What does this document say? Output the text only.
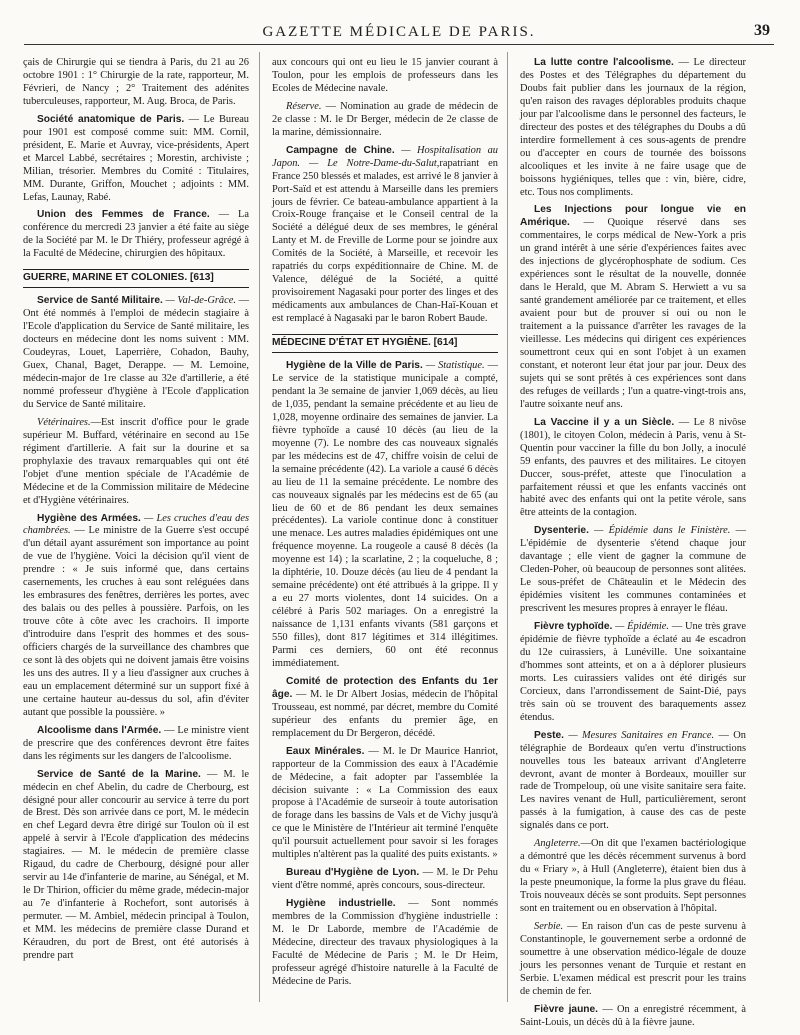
GAZETTE MÉDICALE DE PARIS.	39

çais de Chirurgie qui se tiendra à Paris, du 21 au 26 octobre 1901 : 1° Chirurgie de la rate, rapporteur, M. Févrieri, de Nancy ; 2° Traitement des adénites tuberculeuses, rapporteur, M. Aug. Broca, de Paris.

Société anatomique de Paris. — Le Bureau pour 1901 est composé comme suit: MM. Cornil, président, E. Marie et Auvray, vice-présidents, Apert et Marcel Labbé, secrétaires ; Morestin, archiviste ; Milian, trésorier. Membres du Comité : Titulaires, MM. Durante, Griffon, Mouchet ; adjoints : MM. Lefas, Launay, Rabé.

Union des Femmes de France. — La conférence du mercredi 23 janvier a été faite au siège de la Société par M. le Dr Thiéry, professeur agrégé à la Faculté de Médecine, chirurgien des hôpitaux.

GUERRE, MARINE ET COLONIES. [613]

Service de Santé Militaire. — Val-de-Grâce. — Ont été nommés à l'emploi de médecin stagiaire à l'Ecole d'application du Service de Santé militaire, les docteurs en médecine dont les noms suivent : MM. Coudeyras, Louet, Laperrière, Cohadon, Bauhy, Guex, Chanal, Baget, Derappe. — M. Lemoine, médecin-major de 1re classe au 32e d'artillerie, a été nommé professeur d'hygiène à l'Ecole d'application du Service de Santé militaire.

Vétérinaires.—Est inscrit d'office pour le grade supérieur M. Buffard, vétérinaire en second au 15e régiment d'artillerie. A fait sur la dourine et sa prophylaxie des travaux remarquables qui ont été l'objet d'une mention spéciale de l'Académie de Médecine et de la Commission militaire de Médecine et d'Hygiène vétérinaires.

Hygiène des Armées. — Les cruches d'eau des chambrées. — Le ministre de la Guerre s'est occupé d'un détail ayant assurément son importance au point de vue de l'hygiène. Voici la décision qu'il vient de prendre : « Je suis informé que, dans certains casernements, les cruches à eau sont reléguées dans les embrasures des fenêtres, derrières les portes, avec des balais ou des pelles à poussière. Parfois, on les trouve côte à côte avec les crachoirs. Il importe d'introduire dans l'esprit des hommes et des sous-officiers chargés de la surveillance des chambres que ce sont là des objets qui ne doivent jamais être voisins les uns des autres. Il y a lieu d'assigner aux cruches à eau un emplacement déterminé sur un support fixé à une certaine hauteur au-dessus du sol, afin d'éviter autant que possible la poussière. »

Alcoolisme dans l'Armée. — Le ministre vient de prescrire que des conférences devront être faites dans les régiments sur les dangers de l'alcoolisme.

Service de Santé de la Marine. — M. le médecin en chef Abelin, du cadre de Cherbourg, est désigné pour aller concourir au service à terre du port de Brest. Dès son arrivée dans ce port, M. le médecin en chef Legard devra être dirigé sur Toulon où il est appelé à servir à l'Ecole d'application des médecins stagiaires. — M. le médecin de première classe Rigaud, du cadre de Cherbourg, désigné pour aller servir au 14e d'infanterie de marine, au Sénégal, et M. le Dr Thirion, officier du même grade, médecin-major au 7e d'infanterie à Rochefort, sont autorisés à permuter. — M. Ambiel, médecin principal à Toulon, et MM. les médecins de première classe Durand et Kéraudren, du port de Brest, ont été autorisés à prendre part

aux concours qui ont eu lieu le 15 janvier courant à Toulon, pour les emplois de professeurs dans les Ecoles de Médecine navale.

Réserve. — Nomination au grade de médecin de 2e classe : M. le Dr Berger, médecin de 2e classe de la marine, démissionnaire.

Campagne de Chine. — Hospitalisation au Japon. — Le Notre-Dame-du-Salut,rapatriant en France 250 blessés et malades, est arrivé le 8 janvier à Port-Saïd et est attendu à Marseille dans les premiers jours de février. Ce bateau-ambulance appartient à la Croix-Rouge française et le Conseil central de la Société a délégué deux de ses membres, le général Lanty et M. de Freville de Lorme pour se joindre aux Comités de la Société, à Marseille, et recevoir les rapatriés du corps expéditionnaire de Chine. M. de Valence, délégué de la Société, a quitté provisoirement Nagasaki pour porter des linges et des médicaments aux ambulances de Chan-Haï-Kouan et est remplacé à Nagasaki par le baron Robert Baude.

MÉDECINE D'ÉTAT ET HYGIÈNE. [614]

Hygiène de la Ville de Paris. — Statistique. — Le service de la statistique municipale a compté, pendant la 3e semaine de janvier 1,069 décès, au lieu de 1,035, pendant la semaine précédente et au lieu de 1,028, moyenne ordinaire des semaines de janvier. La fièvre typhoïde a causé 10 décès (au lieu de la moyenne (7). Le nombre des cas nouveaux signalés par les médecins est de 47, chiffre voisin de celui de la semaine précédente (42). La variole a causé 6 décès au lieu de 11 la semaine précédente. Le nombre des cas nouveaux signalés par les médecins est de 65 (au lieu de 60 et de 86 pendant les deux semaines précédentes). La variole continue donc à constituer une menace. Les autres maladies épidémiques ont une fréquence moyenne. La rougeole a causé 8 décès (la moyenne est 14) ; la scarlatine, 2 ; la coqueluche, 8 ; la diphtérie, 10. Douze décès (au lieu de 4 pendant la semaine précédente) ont été attribués à la grippe. Il y a eu 27 morts violentes, dont 14 suicides. On a célébré à Paris 502 mariages. On a enregistré la naissance de 1,131 enfants vivants (581 garçons et 550 filles), dont 817 légitimes et 314 illégitimes. Parmi ces derniers, 60 ont été reconnus immédiatement.

Comité de protection des Enfants du 1er âge. — M. le Dr Albert Josias, médecin de l'hôpital Trousseau, est nommé, par décret, membre du Comité supérieur des enfants du premier âge, en remplacement du Dr Bergeron, décédé.

Eaux Minérales. — M. le Dr Maurice Hanriot, rapporteur de la Commission des eaux à l'Académie de Médecine, a fait adopter par l'assemblée la décision suivante : « La Commission des eaux propose à l'Académie de surseoir à toute autorisation de forage dans les bassins de Vals et de Vichy jusqu'à ce que le Ministère de l'Intérieur ait terminé l'enquête qu'il poursuit actuellement pour savoir si les forages multiples n'altèrent pas la qualité des puits existants. »

Bureau d'Hygiène de Lyon. — M. le Dr Pehu vient d'être nommé, après concours, sous-directeur.

Hygiène industrielle. — Sont nommés membres de la Commission d'hygiène industrielle : M. le Dr Laborde, membre de l'Académie de Médecine, directeur des travaux physiologiques à la Faculté de Médecine de Paris ; M. le Dr Heim, professeur agrégé d'histoire naturelle à la Faculté de Médecine de Paris.

La lutte contre l'alcoolisme. — Le directeur des Postes et des Télégraphes du département du Doubs fait publier dans les journaux de la région, qu'en raison des ravages déplorables produits chaque jour par l'alcoolisme dans le personnel des facteurs, le directeur des postes et des télégraphes du Doubs a dû interdire formellement à ces sous-agents de prendre ou d'accepter en cours de tournée des boissons alcooliques et les invite à ne faire usage que de boissons hygiéniques, telles que : vin, bière, cidre, etc. Tous nos compliments.

Les Injections pour longue vie en Amérique. — Quoique réservé dans ses commentaires, le corps médical de New-York a pris un grand intérêt à une série d'expériences faites avec des injections de glycérophosphate de sodium. Ces expériences sont le résultat de la nouvelle, donnée dans le Herald, que M. Abram S. Herwiett a vu sa santé grandement améliorée par ce traitement, et elles avaient pour but de prouver si oui ou non le traitement a la puissance d'arrêter les ravages de la vieillesse. Les médecins qui dirigent ces expériences soumettront ceux qui en sont l'objet à un examen constant, et noteront leur état jour par jour. Deux des sujets qui se sont prêtés à ces expériences sont dans des refuges de veillards ; l'un a quatre-vingt-trois ans, l'autre soixante neuf ans.

La Vaccine il y a un Siècle. — Le 8 nivôse (1801), le citoyen Colon, médecin à Paris, venu à St-Quentin pour vacciner la fille du bon Jolly, a inoculé 59 enfants, des pauvres et des militaires. Le citoyen Duccer, sous-préfet, atteste que l'inoculation a parfaitement réussi et que les enfants vaccinés ont habité avec des enfants qui ont la petite vérole, sans être atteints de la contagion.

Dysenterie. — Épidémie dans le Finistère. — L'épidémie de dysenterie s'étend chaque jour davantage ; elle vient de gagner la commune de Cleden-Poher, où beaucoup de personnes sont alitées. Le sous-préfet de Châteaulin et le Médecin des épidémies visitent les communes contaminées et prescrivent les mesures propres à enrayer le fléau.

Fièvre typhoïde. — Épidémie. — Une très grave épidémie de fièvre typhoïde a éclaté au 4e escadron du 12e cuirassiers, à Lunéville. Une soixantaine d'hommes sont atteints, et on a à déplorer plusieurs morts. Les cuirassiers valides ont été dirigés sur Corcieux, dans l'arrondissement de Saint-Dié, pays très sain où se trouvent des baraquements assez étendus.

Peste. — Mesures Sanitaires en France. — On télégraphie de Bordeaux qu'en vertu d'instructions nouvelles tous les bateaux arrivant d'Angleterre devront, avant de monter à Bordeaux, mouiller sur rade de Trompeloup, où une visite sanitaire sera faite. Les navires venant de Hull, particulièrement, seront passés à la fumigation, à cause des cas de peste signalés dans ce port.

Angleterre.—On dit que l'examen bactériologique a démontré que les décès récemment survenus à bord du « Friary », à Hull (Angleterre), étaient bien dus à la peste pneumonique, la forme la plus grave du fléau. Trois nouveaux décès se sont produits. Sept personnes sont en traitement ou en observation à l'hôpital.

Serbie. — En raison d'un cas de peste survenu à Constantinople, le gouvernement serbe a ordonné de soumettre à une observation médico-légale de douze jours les personnes venant de Turquie et restant en Serbie. L'examen médical est prescrit pour les trains de chemin de fer.

Fièvre jaune. — On a enregistré récemment, à Saint-Louis, un décès dû à la fièvre jaune.
